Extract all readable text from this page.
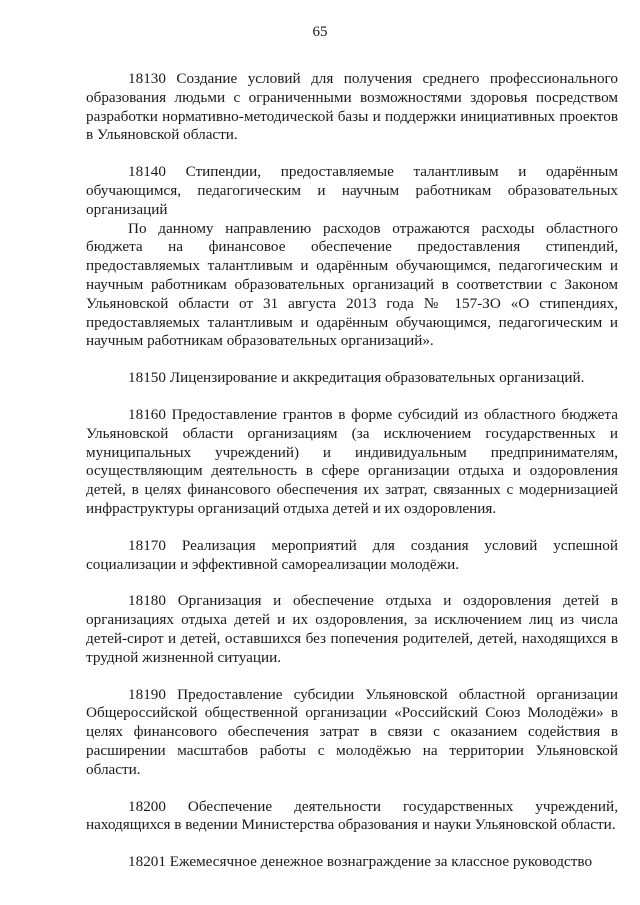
65

18130 Создание условий для получения среднего профессионального образования людьми с ограниченными возможностями здоровья посредством разработки нормативно-методической базы и поддержки инициативных проектов в Ульяновской области.

18140 Стипендии, предоставляемые талантливым и одарённым обучающимся, педагогическим и научным работникам образовательных организаций

По данному направлению расходов отражаются расходы областного бюджета на финансовое обеспечение предоставления стипендий, предоставляемых талантливым и одарённым обучающимся, педагогическим и научным работникам образовательных организаций в соответствии с Законом Ульяновской области от 31 августа 2013 года № 157-ЗО «О стипендиях, предоставляемых талантливым и одарённым обучающимся, педагогическим и научным работникам образовательных организаций».

18150 Лицензирование и аккредитация образовательных организаций.

18160 Предоставление грантов в форме субсидий из областного бюджета Ульяновской области организациям (за исключением государственных и муниципальных учреждений) и индивидуальным предпринимателям, осуществляющим деятельность в сфере организации отдыха и оздоровления детей, в целях финансового обеспечения их затрат, связанных с модернизацией инфраструктуры организаций отдыха детей и их оздоровления.

18170 Реализация мероприятий для создания условий успешной социализации и эффективной самореализации молодёжи.

18180 Организация и обеспечение отдыха и оздоровления детей в организациях отдыха детей и их оздоровления, за исключением лиц из числа детей-сирот и детей, оставшихся без попечения родителей, детей, находящихся в трудной жизненной ситуации.

18190 Предоставление субсидии Ульяновской областной организации Общероссийской общественной организации «Российский Союз Молодёжи» в целях финансового обеспечения затрат в связи с оказанием содействия в расширении масштабов работы с молодёжью на территории Ульяновской области.

18200 Обеспечение деятельности государственных учреждений, находящихся в ведении Министерства образования и науки Ульяновской области.

18201 Ежемесячное денежное вознаграждение за классное руководство
